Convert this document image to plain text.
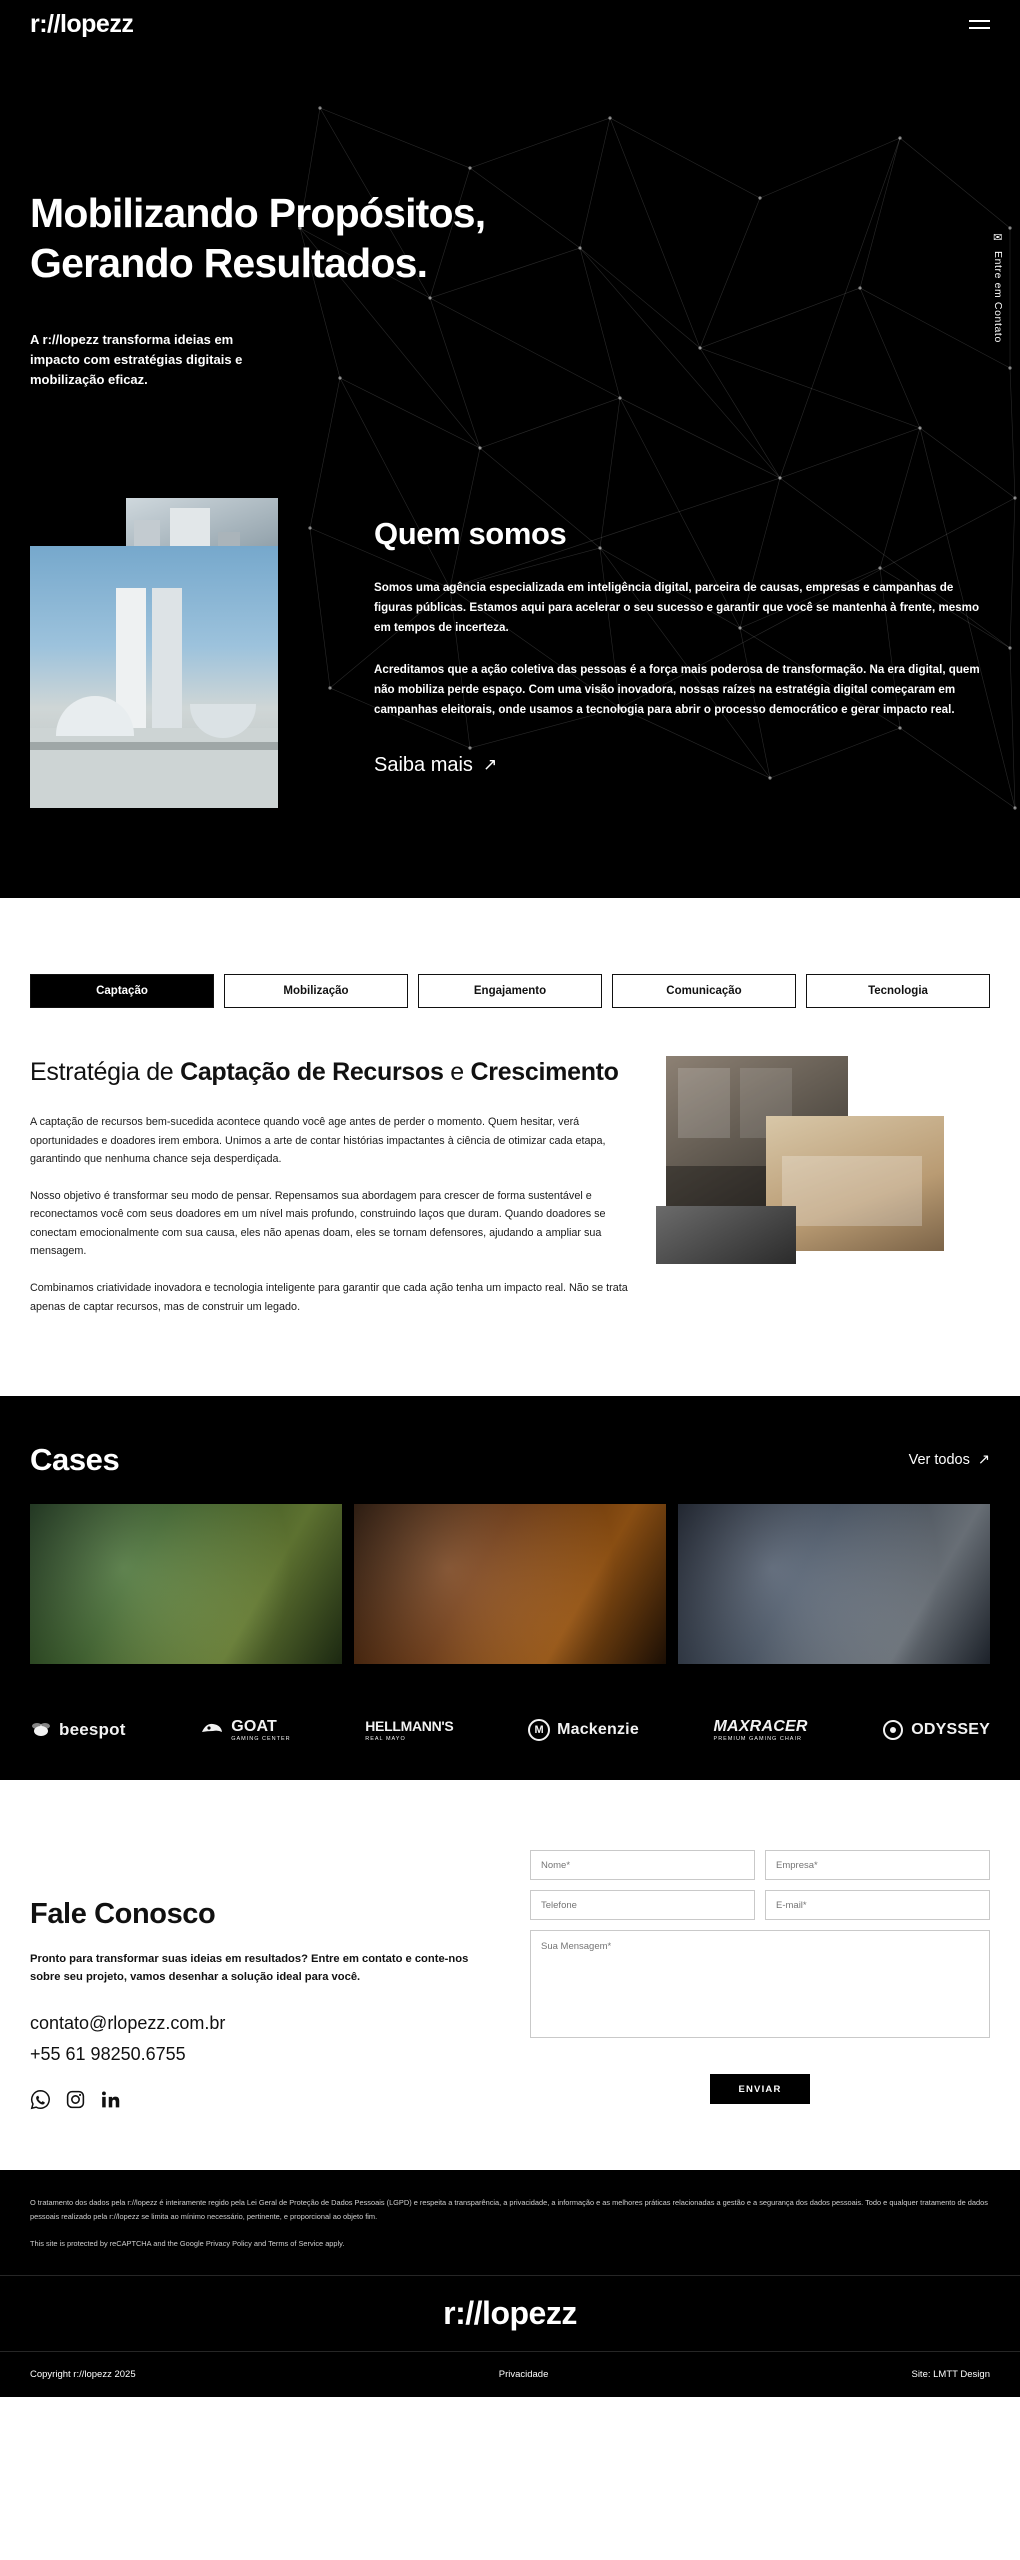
r://lopezz
Mobilizando Propósitos,
Gerando Resultados.

A r://lopezz transforma ideias em impacto com estratégias digitais e mobilização eficaz.

✉
Entre em Contato
Quem somos

Somos uma agência especializada em inteligência digital, parceira de causas, empresas e campanhas de figuras públicas. Estamos aqui para acelerar o seu sucesso e garantir que você se mantenha à frente, mesmo em tempos de incerteza.

Acreditamos que a ação coletiva das pessoas é a força mais poderosa de transformação. Na era digital, quem não mobiliza perde espaço. Com uma visão inovadora, nossas raízes na estratégia digital começaram em campanhas eleitorais, onde usamos a tecnologia para abrir o processo democrático e gerar impacto real.

Saiba mais ↗
Captação	Mobilização	Engajamento	Comunicação	Tecnologia
Estratégia de Captação de Recursos e Crescimento

A captação de recursos bem-sucedida acontece quando você age antes de perder o momento. Quem hesitar, verá oportunidades e doadores irem embora. Unimos a arte de contar histórias impactantes à ciência de otimizar cada etapa, garantindo que nenhuma chance seja desperdiçada.

Nosso objetivo é transformar seu modo de pensar. Repensamos sua abordagem para crescer de forma sustentável e reconectamos você com seus doadores em um nível mais profundo, construindo laços que duram. Quando doadores se conectam emocionalmente com sua causa, eles não apenas doam, eles se tornam defensores, ajudando a ampliar sua mensagem.

Combinamos criatividade inovadora e tecnologia inteligente para garantir que cada ação tenha um impacto real. Não se trata apenas de captar recursos, mas de construir um legado.

Cases	Ver todos ↗
beespot	GOAT
GAMING CENTER
HELLMANN'S
REAL MAYO
M Mackenzie	MAXRACER
PREMIUM GAMING CHAIR
ODYSSEY
Fale Conosco
Pronto para transformar suas ideias em resultados? Entre em contato e conte-nos sobre seu projeto, vamos desenhar a solução ideal para você.
contato@rlopezz.com.br
+55 61 98250.6755
Nome*
Empresa*
Telefone
E-mail*
Sua Mensagem*
ENVIAR
O tratamento dos dados pela r://lopezz é inteiramente regido pela Lei Geral de Proteção de Dados Pessoais (LGPD) e respeita a transparência, a privacidade, a informação e as melhores práticas relacionadas a gestão e a segurança dos dados pessoais. Todo e qualquer tratamento de dados pessoais realizado pela r://lopezz se limita ao mínimo necessário, pertinente, e proporcional ao objeto fim.
This site is protected by reCAPTCHA and the Google Privacy Policy and Terms of Service apply.
r://lopezz
Copyright r://lopezz 2025	Privacidade	Site: LMTT Design
